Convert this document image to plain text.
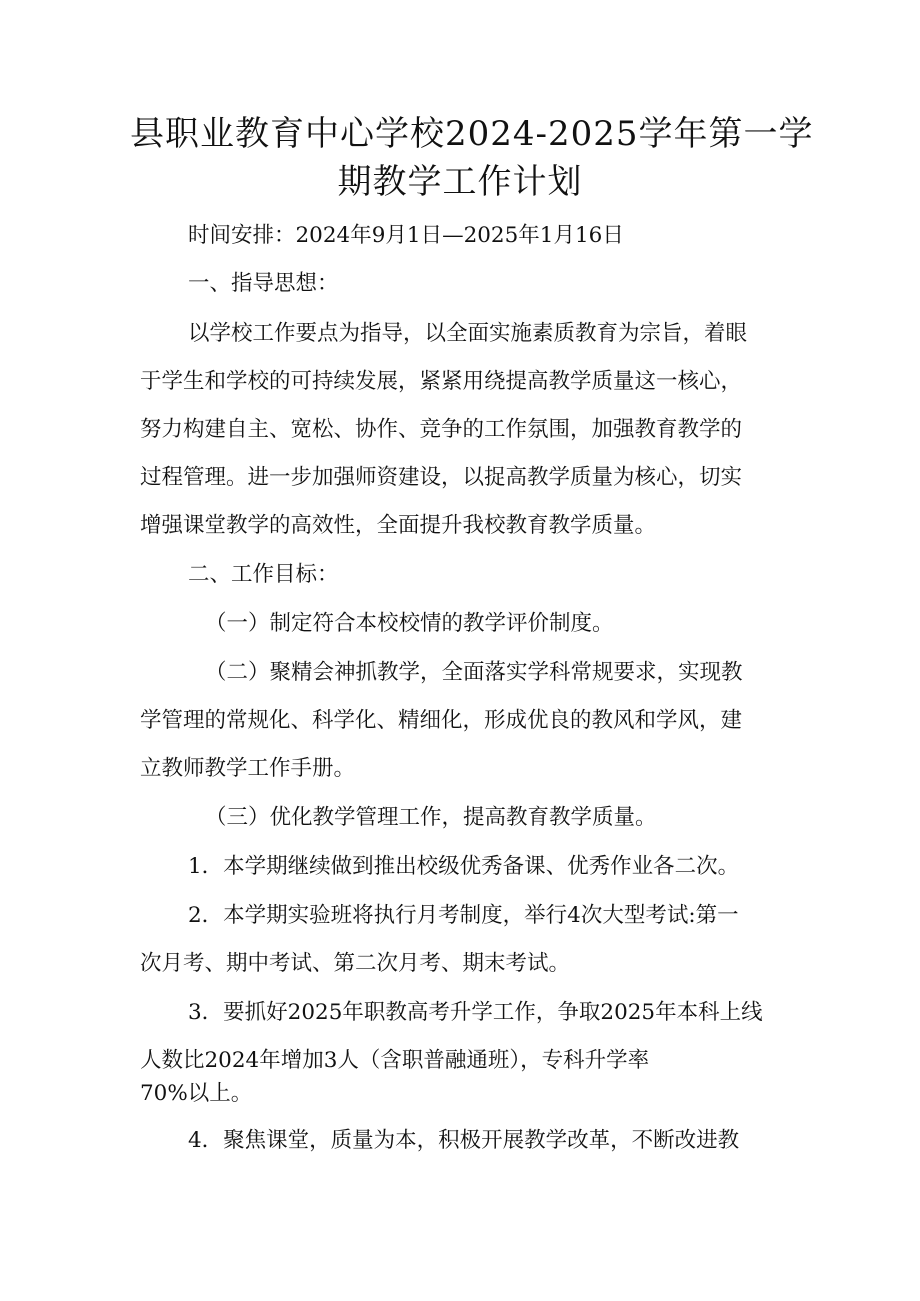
县职业教育中心学校2024-2025学年第一学
期教学工作计划
时间安排：2024年9月1日—2025年1月16日
一、指导思想：
以学校工作要点为指导，以全面实施素质教育为宗旨，着眼
于学生和学校的可持续发展，紧紧用绕提高教学质量这一核心，
努力构建自主、宽松、协作、竞争的工作氛围，加强教育教学的
过程管理。进一步加强师资建设，以捉高教学质量为核心，切实
增强课堂教学的高效性，全面提升我校教育教学质量。
二、工作目标：
（一）制定符合本校校情的教学评价制度。
（二）聚精会神抓教学，全面落实学科常规要求，实现教
学管理的常规化、科学化、精细化，形成优良的教风和学风，建
立教师教学工作手册。
（三）优化教学管理工作，提高教育教学质量。
1．本学期继续做到推出校级优秀备课、优秀作业各二次。
2．本学期实验班将执行月考制度，举行4次大型考试:第一
次月考、期中考试、第二次月考、期末考试。
3．要抓好2025年职教高考升学工作，争取2025年本科上线
人数比2024年增加3人（含职普融通班），专科升学率
70%以上。
4．聚焦课堂，质量为本，积极开展教学改革，不断改进教
